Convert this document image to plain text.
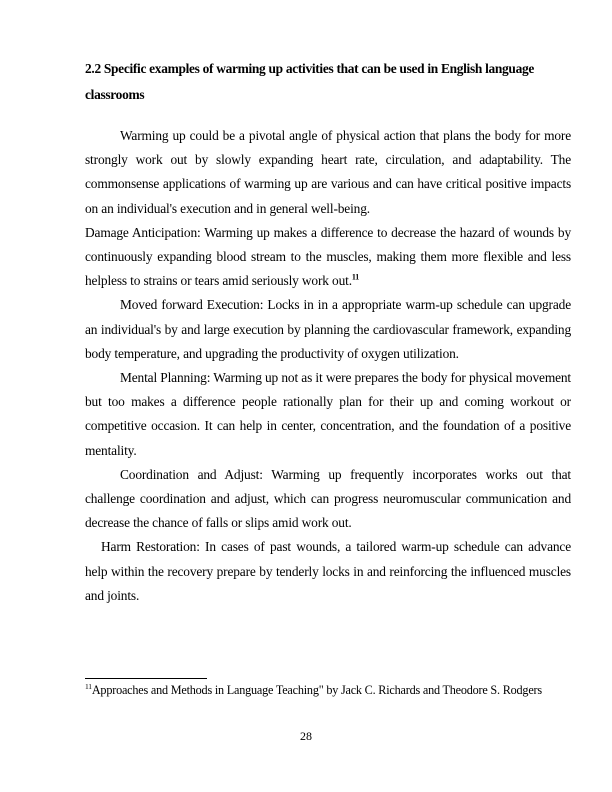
2.2 Specific examples of warming up activities that can be used in English language classrooms

Warming up could be a pivotal angle of physical action that plans the body for more strongly work out by slowly expanding heart rate, circulation, and adaptability. The commonsense applications of warming up are various and can have critical positive impacts on an individual's execution and in general well-being.

Damage Anticipation: Warming up makes a difference to decrease the hazard of wounds by continuously expanding blood stream to the muscles, making them more flexible and less helpless to strains or tears amid seriously work out.$^{11}$

Moved forward Execution: Locks in in a appropriate warm-up schedule can upgrade an individual's by and large execution by planning the cardiovascular framework, expanding body temperature, and upgrading the productivity of oxygen utilization.

Mental Planning: Warming up not as it were prepares the body for physical movement but too makes a difference people rationally plan for their up and coming workout or competitive occasion. It can help in center, concentration, and the foundation of a positive mentality.

Coordination and Adjust: Warming up frequently incorporates works out that challenge coordination and adjust, which can progress neuromuscular communication and decrease the chance of falls or slips amid work out.

Harm Restoration: In cases of past wounds, a tailored warm-up schedule can advance help within the recovery prepare by tenderly locks in and reinforcing the influenced muscles and joints.

$^{11}$Approaches and Methods in Language Teaching" by Jack C. Richards and Theodore S. Rodgers
28
